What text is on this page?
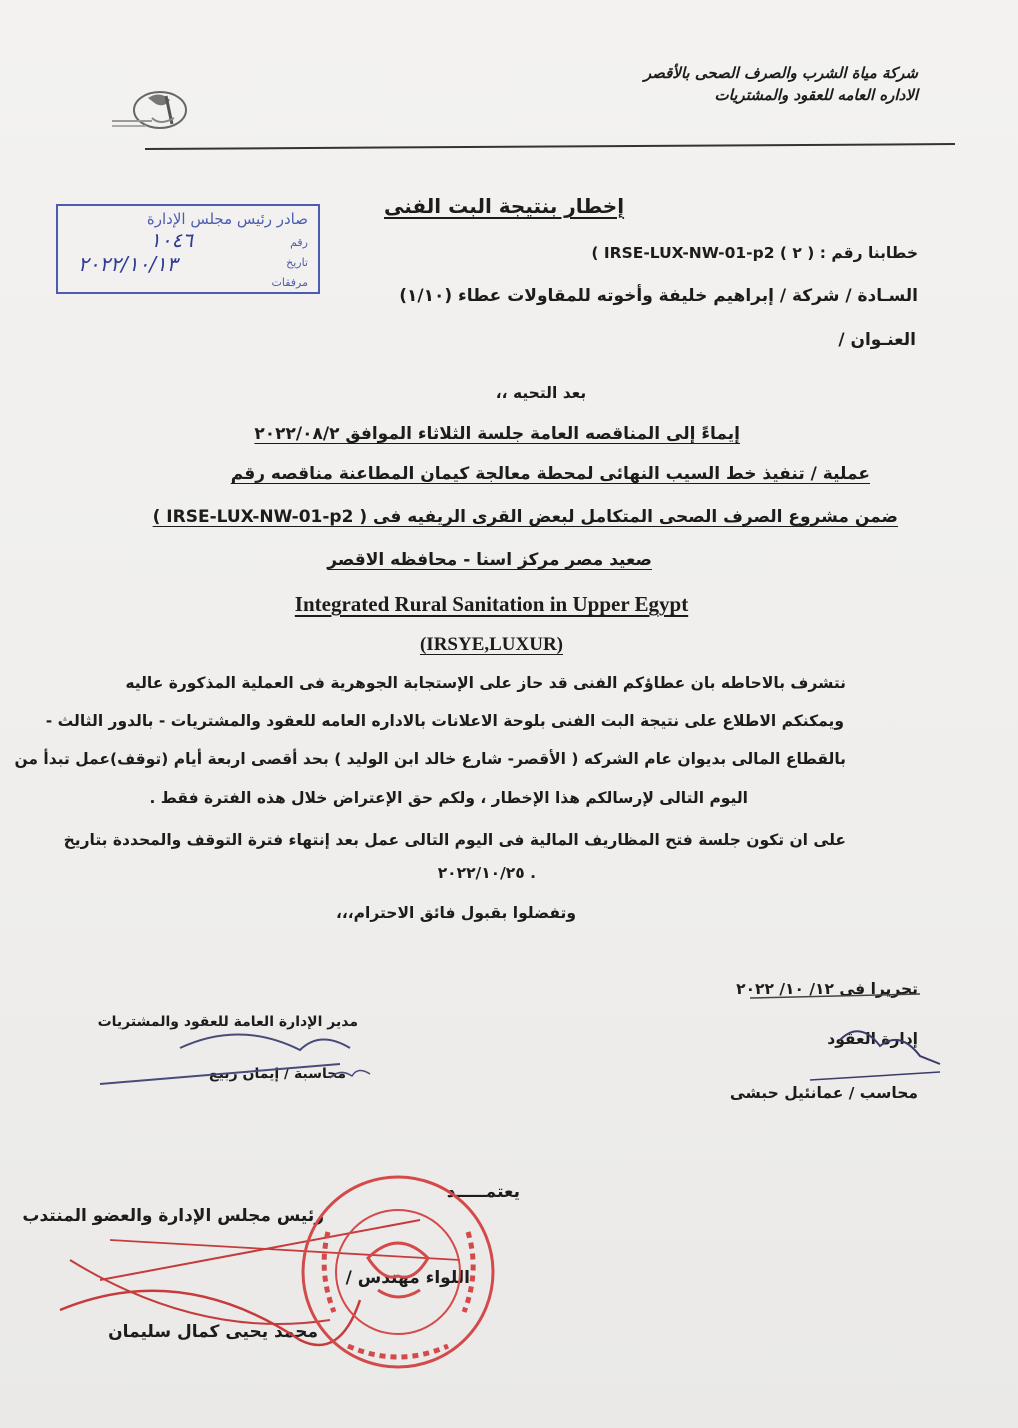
شركة مياة الشرب والصرف الصحى بالأقصر
الاداره العامه للعقود والمشتريات
صادر رئيس مجلس الإدارة
رقم
تاريخ
مرفقات
١٠٤٦
٢٠٢٢/١٠/١٣
إخطار بنتيجة البت الفنى
خطابنا رقم : ( ٢ ) IRSE-LUX-NW-01-p2 )
السـادة / شركة / إبراهيم خليفة وأخوته للمقاولات عطاء (١/١٠)
العنـوان /
بعد التحيه ،،
إيماءً إلى المناقصه العامة جلسة الثلاثاء الموافق ٢٠٢٢/٠٨/٢
عملية / تنفيذ خط السيب النهائى لمحطة معالجة كيمان المطاعنة مناقصه رقم
( IRSE-LUX-NW-01-p2 ) ضمن مشروع الصرف الصحى المتكامل لبعض القرى الريفيه فى
صعيد مصر مركز اسنا - محافظه الاقصر
Integrated Rural Sanitation in Upper Egypt
(IRSYE,LUXUR)
نتشرف بالاحاطه بان عطاؤكم الفنى قد حاز على الإستجابة الجوهرية فى العملية المذكورة عاليه
ويمكنكم الاطلاع على نتيجة البت الفنى بلوحة الاعلانات بالاداره العامه للعقود والمشتريات - بالدور الثالث -
بالقطاع المالى بديوان عام الشركه ( الأقصر- شارع خالد ابن الوليد ) بحد أقصى اربعة أيام (توقف)عمل تبدأ من
اليوم التالى لإرسالكم هذا الإخطار ، ولكم حق الإعتراض خلال هذه الفترة فقط .
على ان تكون جلسة فتح المظاريف المالية فى اليوم التالى عمل بعد إنتهاء فترة التوقف والمحددة بتاريخ
٢٠٢٢/١٠/٢٥ .
وتفضلوا بقبول فائق الاحترام،،،
تحريرا فى ١٢/ ١٠/ ٢٠٢٢
إدارة العقود
محاسب / عمانئيل حبشى
مدير الإدارة العامة للعقود والمشتريات
محاسبة / إيمان ربيع
يعتمـــــد
رئيس مجلس الإدارة والعضو المنتدب
اللواء مهندس /
محمد يحيى كمال سليمان
